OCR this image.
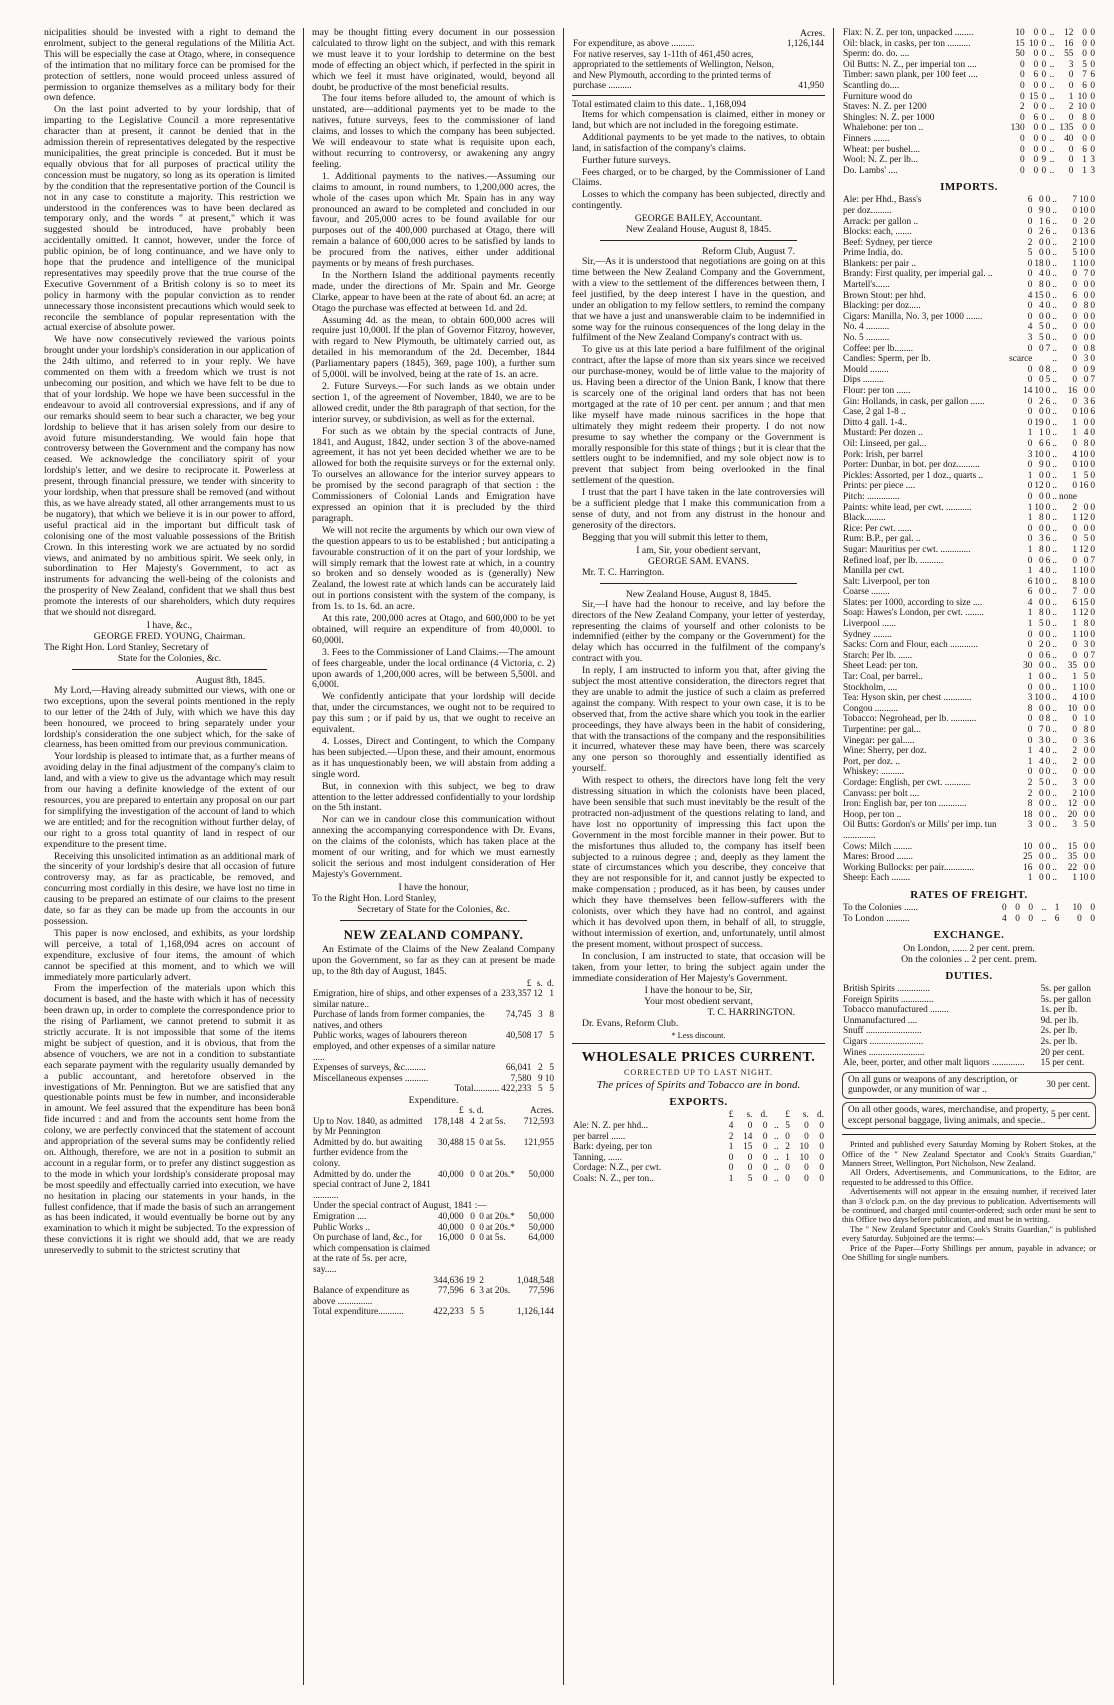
nicipalities should be invested with a right to demand the enrolment, subject to the general regulations of the Militia Act. This will be especially the case at Otago, where, in consequence of the intimation that no military force can be promised for the protection of settlers, none would proceed unless assured of permission to organize themselves as a military body for their own defence.

On the last point adverted to by your lordship, that of imparting to the Legislative Council a more representative character than at present, it cannot be denied that in the admission therein of representatives delegated by the respective municipalities, the great principle is conceded. But it must be equally obvious that for all purposes of practical utility the concession must be nugatory, so long as its operation is limited by the condition that the representative portion of the Council is not in any case to constitute a majority. This restriction we understood in the conferences was to have been declared as temporary only, and the words " at present," which it was suggested should be introduced, have probably been accidentally omitted. It cannot, however, under the force of public opinion, be of long continuance, and we have only to hope that the prudence and intelligence of the municipal representatives may speedily prove that the true course of the Executive Government of a British colony is so to meet its policy in harmony with the popular conviction as to render unnecessary those inconsistent precautions which would seek to reconcile the semblance of popular representation with the actual exercise of absolute power.

We have now consecutively reviewed the various points brought under your lordship's consideration in our application of the 24th ultimo, and referred to in your reply. We have commented on them with a freedom which we trust is not unbecoming our position, and which we have felt to be due to that of your lordship. We hope we have been successful in the endeavour to avoid all controversial expressions, and if any of our remarks should seem to bear such a character, we beg your lordship to believe that it has arisen solely from our desire to avoid future misunderstanding. We would fain hope that controversy between the Government and the company has now ceased. We acknowledge the conciliatory spirit of your lordship's letter, and we desire to reciprocate it. Powerless at present, through financial pressure, we tender with sincerity to your lordship, when that pressure shall be removed (and without this, as we have already stated, all other arrangements must to us be nugatory), that which we believe it is in our power to afford, useful practical aid in the important but difficult task of colonising one of the most valuable possessions of the British Crown. In this interesting work we are actuated by no sordid views, and animated by no ambitious spirit. We seek only, in subordination to Her Majesty's Government, to act as instruments for advancing the well-being of the colonists and the prosperity of New Zealand, confident that we shall thus best promote the interests of our shareholders, which duty requires that we should not disregard.

I have, &c.,
GEORGE FRED. YOUNG, Chairman.
The Right Hon. Lord Stanley, Secretary of
State for the Colonies, &c.
August 8th, 1845.

My Lord,—Having already submitted our views, with one or two exceptions, upon the several points mentioned in the reply to our letter of the 24th of July, with which we have this day been honoured, we proceed to bring separately under your lordship's consideration the one subject which, for the sake of clearness, has been omitted from our previous communication.

Your lordship is pleased to intimate that, as a further means of avoiding delay in the final adjustment of the company's claim to land, and with a view to give us the advantage which may result from our having a definite knowledge of the extent of our resources, you are prepared to entertain any proposal on our part for simplifying the investigation of the account of land to which we are entitled; and for the recognition without further delay, of our right to a gross total quantity of land in respect of our expenditure to the present time.

Receiving this unsolicited intimation as an additional mark of the sincerity of your lordship's desire that all occasion of future controversy may, as far as practicable, be removed, and concurring most cordially in this desire, we have lost no time in causing to be prepared an estimate of our claims to the present date, so far as they can be made up from the accounts in our possession.

This paper is now enclosed, and exhibits, as your lordship will perceive, a total of 1,168,094 acres on account of expenditure, exclusive of four items, the amount of which cannot be specified at this moment, and to which we will immediately more particularly advert.

From the imperfection of the materials upon which this document is based, and the haste with which it has of necessity been drawn up, in order to complete the correspondence prior to the rising of Parliament, we cannot pretend to submit it as strictly accurate. It is not impossible that some of the items might be subject of question, and it is obvious, that from the absence of vouchers, we are not in a condition to substantiate each separate payment with the regularity usually demanded by a public accountant, and heretofore observed in the investigations of Mr. Pennington. But we are satisfied that any questionable points must be few in number, and inconsiderable in amount. We feel assured that the expenditure has been bonâ fide incurred : and and from the accounts sent home from the colony, we are perfectly convinced that the statement of account and appropriation of the several sums may be confidently relied on. Although, therefore, we are not in a position to submit an account in a regular form, or to prefer any distinct suggestion as to the mode in which your lordship's considerate proposal may be most speedily and effectually carried into execution, we have no hesitation in placing our statements in your hands, in the fullest confidence, that if made the basis of such an arrangement as has been indicated, it would eventually be borne out by any examination to which it might be subjected. To the expression of these convictions it is right we should add, that we are ready unreservedly to submit to the strictest scrutiny that

may be thought fitting every document in our possession calculated to throw light on the subject, and with this remark we must leave it to your lordship to determine on the best mode of effecting an object which, if perfected in the spirit in which we feel it must have originated, would, beyond all doubt, be productive of the most beneficial results.

The four items before alluded to, the amount of which is unstated, are—additional payments yet to be made to the natives, future surveys, fees to the commissioner of land claims, and losses to which the company has been subjected. We will endeavour to state what is requisite upon each, without recurring to controversy, or awakening any angry feeling.

1. Additional payments to the natives.—Assuming our claims to amount, in round numbers, to 1,200,000 acres, the whole of the cases upon which Mr. Spain has in any way pronounced an award to be completed and concluded in our favour, and 205,000 acres to be found available for our purposes out of the 400,000 purchased at Otago, there will remain a balance of 600,000 acres to be satisfied by lands to be procured from the natives, either under additional payments or by means of fresh purchases.

In the Northern Island the additional payments recently made, under the directions of Mr. Spain and Mr. George Clarke, appear to have been at the rate of about 6d. an acre; at Otago the purchase was effected at between 1d. and 2d.

Assuming 4d. as the mean, to obtain 600,000 acres will require just 10,000l. If the plan of Governor Fitzroy, however, with regard to New Plymouth, be ultimately carried out, as detailed in his memorandum of the 2d. December, 1844 (Parliamentary papers (1845), 369, page 100), a further sum of 5,000l. will be involved, being at the rate of 1s. an acre.

2. Future Surveys.—For such lands as we obtain under section 1, of the agreement of November, 1840, we are to be allowed credit, under the 8th paragraph of that section, for the interior survey, or subdivision, as well as for the external.

For such as we obtain by the special contracts of June, 1841, and August, 1842, under section 3 of the above-named agreement, it has not yet been decided whether we are to be allowed for both the requisite surveys or for the external only. To ourselves an allowance for the interior survey appears to be promised by the second paragraph of that section : the Commissioners of Colonial Lands and Emigration have expressed an opinion that it is precluded by the third paragraph.

We will not recite the arguments by which our own view of the question appears to us to be established ; but anticipating a favourable construction of it on the part of your lordship, we will simply remark that the lowest rate at which, in a country so broken and so densely wooded as is (generally) New Zealand, the lowest rate at which lands can be accurately laid out in portions consistent with the system of the company, is from 1s. to 1s. 6d. an acre.

At this rate, 200,000 acres at Otago, and 600,000 to be yet obtained, will require an expenditure of from 40,000l. to 60,000l.

3. Fees to the Commissioner of Land Claims.—The amount of fees chargeable, under the local ordinance (4 Victoria, c. 2) upon awards of 1,200,000 acres, will be between 5,500l. and 6,000l.

We confidently anticipate that your lordship will decide that, under the circumstances, we ought not to be required to pay this sum ; or if paid by us, that we ought to receive an equivalent.

4. Losses, Direct and Contingent, to which the Company has been subjected.—Upon these, and their amount, enormous as it has unquestionably been, we will abstain from adding a single word.

But, in connexion with this subject, we beg to draw attention to the letter addressed confidentially to your lordship on the 5th instant.

Nor can we in candour close this communication without annexing the accompanying correspondence with Dr. Evans, on the claims of the colonists, which has taken place at the moment of our writing, and for which we must earnestly solicit the serious and most indulgent consideration of Her Majesty's Government.

I have the honour,
To the Right Hon. Lord Stanley,
Secretary of State for the Colonies, &c.
NEW ZEALAND COMPANY.

An Estimate of the Claims of the New Zealand Company upon the Government, so far as they can at present be made up, to the 8th day of August, 1845.

	£	s.	d.
Emigration, hire of ships, and other expenses of a similar nature..	233,357	12	1
Purchase of lands from former companies, the natives, and others	74,745	3	8
Public works, wages of labourers thereon employed, and other expenses of a similar nature .....	40,508	17	5
Expenses of surveys, &c.........	66,041	2	5
Miscellaneous expenses ..........	7,580	9	10
Total...........	422,233	5	5
Expenditure.
	£	s.	d.		Acres.
Up to Nov. 1840, as admitted by Mr Pennington	178,148	4	2	at 5s.	712,593
Admitted by do. but awaiting further evidence from the colony.	30,488	15	0	at 5s.	121,955
Admitted by do. under the special contract of June 2, 1841 ...........	40,000	0	0	at 20s.*	50,000
Under the special contract of August, 1841 :—					
Emigration ....	40,000	0	0	at 20s.*	50,000
Public Works ..	40,000	0	0	at 20s.*	50,000
On purchase of land, &c., for which compensation is claimed at the rate of 5s. per acre, say.....	16,000	0	0	at 5s.	64,000
	344,636	19	2		1,048,548
Balance of expenditure as above ...............	77,596	6	3	at 20s.	77,596
Total expenditure...........	422,233	5	5		1,126,144
Acres.
For expenditure, as above ..........	1,126,144
For native reserves, say 1-11th of 461,450 acres, appropriated to the settlements of Wellington, Nelson, and New Plymouth, according to the printed terms of purchase ..........	41,950
Total estimated claim to this date.. 1,168,094

Items for which compensation is claimed, either in money or land, but which are not included in the foregoing estimate.

Additional payments to be yet made to the natives, to obtain land, in satisfaction of the company's claims.

Further future surveys.

Fees charged, or to be charged, by the Commissioner of Land Claims.

Losses to which the company has been subjected, directly and contingently.

GEORGE BAILEY, Accountant.
New Zealand House, August 8, 1845.
Reform Club, August 7.

Sir,—As it is understood that negotiations are going on at this time between the New Zealand Company and the Government, with a view to the settlement of the differences between them, I feel justified, by the deep interest I have in the question, and under an obligation to my fellow settlers, to remind the company that we have a just and unanswerable claim to be indemnified in some way for the ruinous consequences of the long delay in the fulfilment of the New Zealand Company's contract with us.

To give us at this late period a bare fulfilment of the original contract, after the lapse of more than six years since we received our purchase-money, would be of little value to the majority of us. Having been a director of the Union Bank, I know that there is scarcely one of the original land orders that has not been mortgaged at the rate of 10 per cent. per annum ; and that men like myself have made ruinous sacrifices in the hope that ultimately they might redeem their property. I do not now presume to say whether the company or the Government is morally responsible for this state of things ; but it is clear that the settlers ought to be indemnified, and my sole object now is to prevent that subject from being overlooked in the final settlement of the question.

I trust that the part I have taken in the late controversies will be a sufficient pledge that I make this communication from a sense of duty, and not from any distrust in the honour and generosity of the directors.

Begging that you will submit this letter to them,

I am, Sir, your obedient servant,
GEORGE SAM. EVANS.
Mr. T. C. Harrington.
New Zealand House, August 8, 1845.

Sir,—I have had the honour to receive, and lay before the directors of the New Zealand Company, your letter of yesterday, representing the claims of yourself and other colonists to be indemnified (either by the company or the Government) for the delay which has occurred in the fulfilment of the company's contract with you.

In reply, I am instructed to inform you that, after giving the subject the most attentive consideration, the directors regret that they are unable to admit the justice of such a claim as preferred against the company. With respect to your own case, it is to be observed that, from the active share which you took in the earlier proceedings, they have always been in the habit of considering, that with the transactions of the company and the responsibilities it incurred, whatever these may have been, there was scarcely any one person so thoroughly and essentially identified as yourself.

With respect to others, the directors have long felt the very distressing situation in which the colonists have been placed, have been sensible that such must inevitably be the result of the protracted non-adjustment of the questions relating to land, and have lost no opportunity of impressing this fact upon the Government in the most forcible manner in their power. But to the misfortunes thus alluded to, the company has itself been subjected to a ruinous degree ; and, deeply as they lament the state of circumstances which you describe, they conceive that they are not responsible for it, and cannot justly be expected to make compensation ; produced, as it has been, by causes under which they have themselves been fellow-sufferers with the colonists, over which they have had no control, and against which it has devolved upon them, in behalf of all, to struggle, without intermission of exertion, and, unfortunately, until almost the present moment, without prospect of success.

In conclusion, I am instructed to state, that occasion will be taken, from your letter, to bring the subject again under the immediate consideration of Her Majesty's Government.

I have the honour to be, Sir,
Your most obedient servant,
T. C. HARRINGTON.
Dr. Evans, Reform Club.
* Less discount.
WHOLESALE PRICES CURRENT.
CORRECTED UP TO LAST NIGHT.
The prices of Spirits and Tobacco are in bond.
EXPORTS.
	£	s.	d.		£	s.	d.
Ale: N. Z. per hhd...	4	0	0	..	5	0	0
per barrel ......	2	14	0	..	0	0	0
Bark: dyeing, per ton	1	15	0	..	2	10	0
Tanning, ......	0	0	0	..	1	10	0
Cordage: N.Z., per cwt.	0	0	0	..	0	0	0
Coals: N. Z., per ton..	1	5	0	..	0	0	0
Flax: N. Z. per ton, unpacked ........	10	0	0	..	12	0	0
Oil: black, in casks, per ton ..........	15	10	0	..	16	0	0
Sperm: do. do. ....	50	0	0	..	55	0	0
Oil Butts: N. Z., per imperial ton ....	0	0	0	..	3	5	0
Timber: sawn plank, per 100 feet ....	0	6	0	..	0	7	6
Scantling do....	0	0	0	..	0	6	0
Furniture wood do	0	15	0	..	1	10	0
Staves: N. Z. per 1200	2	0	0	..	2	10	0
Shingles: N. Z. per 1000	0	6	0	..	0	8	0
Whalebone: per ton ..	130	0	0	..	135	0	0
Finners .......	0	0	0	..	40	0	0
Wheat: per bushel....	0	0	0	..	0	6	0
Wool: N. Z. per lb...	0	0	9	..	0	1	3
Do. Lambs' ....	0	0	0	..	0	1	3
IMPORTS.
Ale: per Hhd., Bass's	6	0	0	..	7	10	0
per doz.........	0	9	0	..	0	10	0
Arrack: per gallon ..	0	1	6	..	0	2	0
Blocks: each, .......	0	2	6	..	0	13	6
Beef: Sydney, per tierce	2	0	0	..	2	10	0
Prime India, do.	5	0	0	..	5	10	0
Blankets: per pair ..	0	18	0	..	1	10	0
Brandy: First quality, per imperial gal. ..	0	4	0	..	0	7	0
Martell's......	0	8	0	..	0	0	0
Brown Stout: per hhd.	4	15	0	..	6	0	0
Blacking: per doz.....	0	4	0	..	0	8	0
Cigars: Manilla, No. 3, per 1000 .......	0	0	0	..	0	0	0
No. 4 ..........	4	5	0	..	0	0	0
No. 5 ..........	3	5	0	..	0	0	0
Coffee: per lb........	0	0	7	..	0	0	8
Candles: Sperm, per lb.	scarce			..	0	3	0
Mould ........	0	0	8	..	0	0	9
Dips .........	0	0	5	..	0	0	7
Flour: per ton ......	14	10	0	..	16	0	0
Gin: Hollands, in cask, per gallon ......	0	2	6	..	0	3	6
Case, 2 gal 1-8 ..	0	0	0	..	0	10	6
Ditto 4 gall. 1-4..	0	19	0	..	1	0	0
Mustard: Per dozen ..	1	1	0	..	1	4	0
Oil: Linseed, per gal...	0	6	6	..	0	8	0
Pork: Irish, per barrel	3	10	0	..	4	10	0
Porter: Dunbar, in bot. per doz..........	0	9	0	..	0	10	0
Pickles: Assorted, per 1 doz., quarts ..	1	0	0	..	1	5	0
Prints: per piece ....	0	12	0	..	0	16	0
Pitch: ..............	0	0	0	..	none		
Paints: white lead, per cwt. ...........	1	10	0	..	2	0	0
Black.........	1	8	0	..	1	12	0
Rice: Per cwt. ......	0	0	0	..	0	0	0
Rum: B.P., per gal. ..	0	3	6	..	0	5	0
Sugar: Mauritius per cwt. .............	1	8	0	..	1	12	0
Refined loaf, per lb. ..........	0	0	6	..	0	0	7
Manilla per cwt.	1	4	0	..	1	10	0
Salt: Liverpool, per ton	6	10	0	..	8	10	0
Coarse ........	6	0	0	..	7	0	0
Slates: per 1000, according to size ....	4	0	0	..	6	15	0
Soap: Hawes's London, per cwt. ........	1	8	0	..	1	12	0
Liverpool ......	1	5	0	..	1	8	0
Sydney ........	0	0	0	..	1	10	0
Sacks: Corn and Flour, each ............	0	2	0	..	0	3	0
Starch: Per lb. ......	0	0	6	..	0	0	7
Sheet Lead: per ton.	30	0	0	..	35	0	0
Tar: Coal, per barrel..	1	0	0	..	1	5	0
Stockholm, ....	0	0	0	..	1	10	0
Tea: Hyson skin, per chest ............	3	10	0	..	4	10	0
Congou ..........	8	0	0	..	10	0	0
Tobacco: Negrohead, per lb. ...........	0	0	8	..	0	1	0
Turpentine: per gal...	0	7	0	..	0	8	0
Vinegar: per gal.....	0	3	0	..	0	3	6
Wine: Sherry, per doz.	1	4	0	..	2	0	0
Port, per doz. ..	1	4	0	..	2	0	0
Whiskey: ..........	0	0	0	..	0	0	0
Cordage: English, per cwt. ...........	2	5	0	..	3	0	0
Canvass: per bolt ....	2	0	0	..	2	10	0
Iron: English bar, per ton ............	8	0	0	..	12	0	0
Hoop, per ton ..	18	0	0	..	20	0	0
Oil Butts: Gordon's or Mills' per imp. tun ..............	3	0	0	..	3	5	0
Cows: Milch ........	10	0	0	..	15	0	0
Mares: Brood .......	25	0	0	..	35	0	0
Working Bullocks: per pair.............	16	0	0	..	22	0	0
Sheep: Each ........	1	0	0	..	1	10	0
RATES OF FREIGHT.
To the Colonies ......	0	0	0	..	1	10	0
To London ..........	4	0	0	..	6	0	0
EXCHANGE.
On London, ...... 2 per cent. prem.
On the colonies .. 2 per cent. prem.
DUTIES.
British Spirits ..............	5s. per gallon
Foreign Spirits ..............	5s. per gallon
Tobacco manufactured ........	1s. per lb.
Unmanufactured ....	9d. per lb.
Snuff ........................	2s. per lb.
Cigars .......................	2s. per lb.
Wines ........................	20 per cent.
Ale, beer, porter, and other malt liquors ..............	15 per cent.
On all guns or weapons of any description, or gunpowder, or any munition of war ..	30 per cent.
On all other goods, wares, merchandise, and property, except personal baggage, living animals, and specie..	5 per cent.
Printed and published every Saturday Morning by Robert Stokes, at the Office of the " New Zealand Spectator and Cook's Straits Guardian," Manners Street, Wellington, Port Nicholson, New Zealand.
All Orders, Advertisements, and Communications, to the Editor, are requested to be addressed to this Office.
Advertisements will not appear in the ensuing number, if received later than 3 o'clock p.m. on the day previous to publication. Advertisements will be continued, and charged until counter-ordered; such order must be sent to this Office two days before publication, and must be in writing.
The " New Zealand Spectator and Cook's Straits Guardian," is published every Saturday. Subjoined are the terms:—
Price of the Paper—Forty Shillings per annum, payable in advance; or One Shilling for single numbers.
